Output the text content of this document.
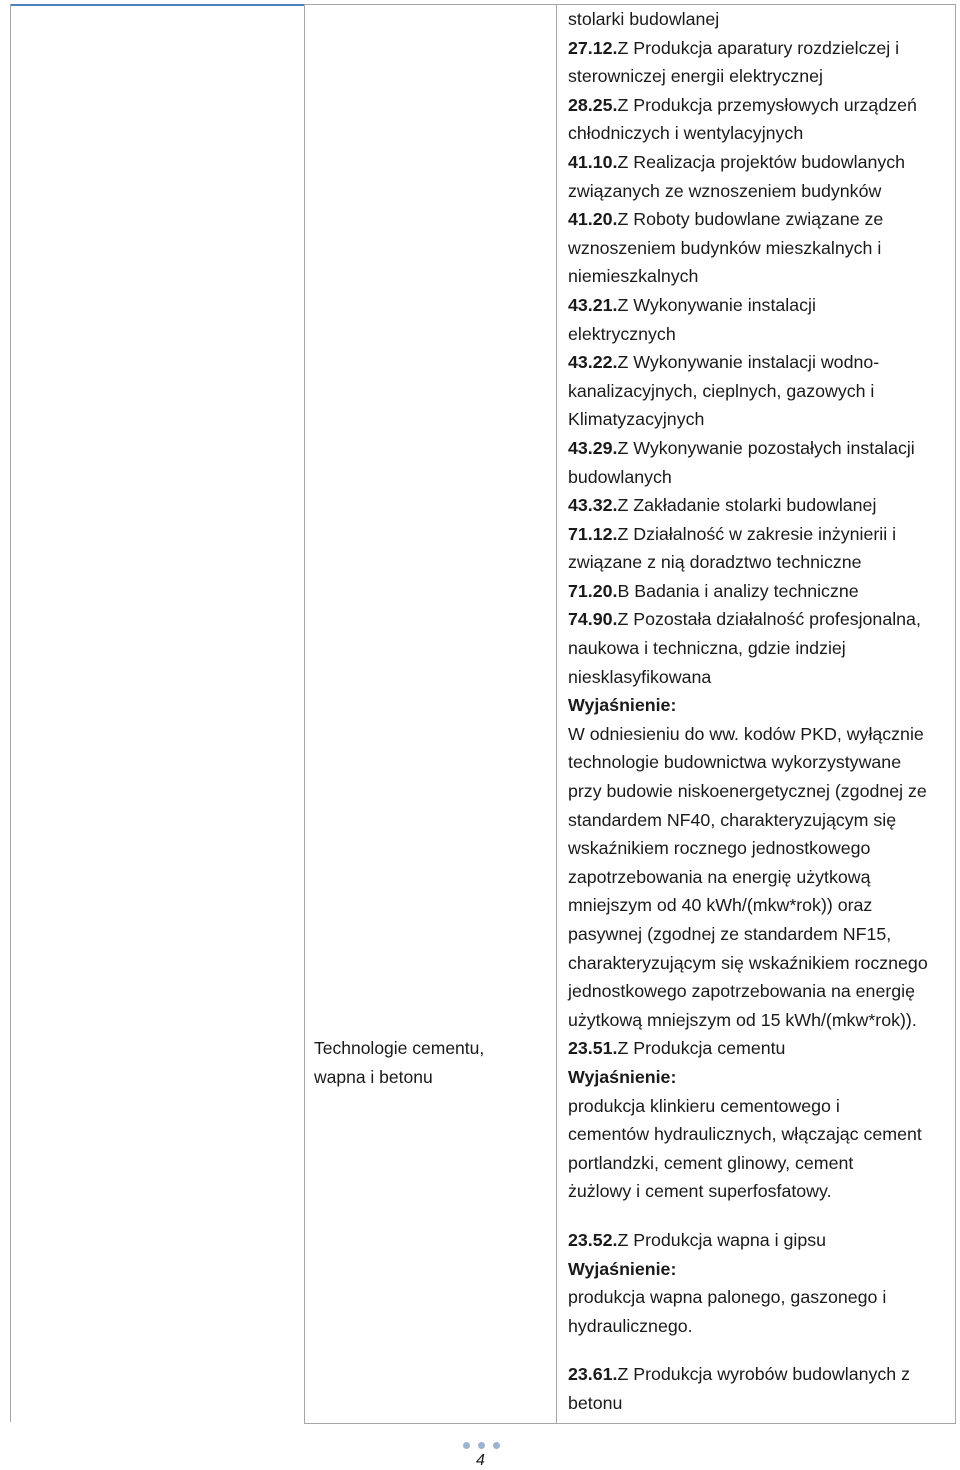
Technologie cementu,
wapna i betonu
stolarki budowlanej
27.12.Z Produkcja aparatury rozdzielczej i
sterowniczej energii elektrycznej
28.25.Z Produkcja przemysłowych urządzeń
chłodniczych i wentylacyjnych
41.10.Z Realizacja projektów budowlanych
związanych ze wznoszeniem budynków
41.20.Z Roboty budowlane związane ze
wznoszeniem budynków mieszkalnych i
niemieszkalnych
43.21.Z Wykonywanie instalacji
elektrycznych
43.22.Z Wykonywanie instalacji wodno-
kanalizacyjnych, cieplnych, gazowych i
Klimatyzacyjnych
43.29.Z Wykonywanie pozostałych instalacji
budowlanych
43.32.Z Zakładanie stolarki budowlanej
71.12.Z Działalność w zakresie inżynierii i
związane z nią doradztwo techniczne
71.20.B Badania i analizy techniczne
74.90.Z Pozostała działalność profesjonalna,
naukowa i techniczna, gdzie indziej
niesklasyfikowana
Wyjaśnienie:
W odniesieniu do ww. kodów PKD, wyłącznie
technologie budownictwa wykorzystywane
przy budowie niskoenergetycznej (zgodnej ze
standardem NF40, charakteryzującym się
wskaźnikiem rocznego jednostkowego
zapotrzebowania na energię użytkową
mniejszym od 40 kWh/(mkw*rok)) oraz
pasywnej (zgodnej ze standardem NF15,
charakteryzującym się wskaźnikiem rocznego
jednostkowego zapotrzebowania na energię
użytkową mniejszym od 15 kWh/(mkw*rok)).
23.51.Z Produkcja cementu
Wyjaśnienie:
produkcja klinkieru cementowego i
cementów hydraulicznych, włączając cement
portlandzki, cement glinowy, cement
żużlowy i cement superfosfatowy.
23.52.Z Produkcja wapna i gipsu
Wyjaśnienie:
produkcja wapna palonego, gaszonego i
hydraulicznego.
23.61.Z Produkcja wyrobów budowlanych z
betonu
4
